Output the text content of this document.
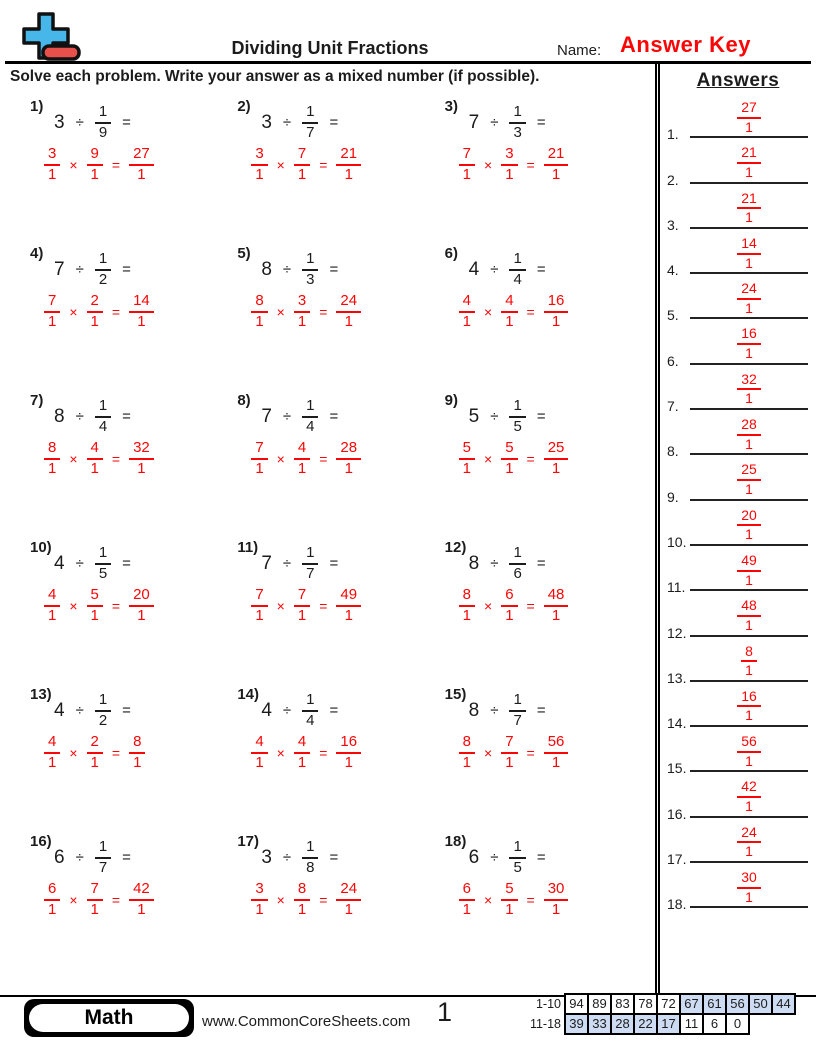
Dividing Unit Fractions	Name: Answer Key
Solve each problem. Write your answer as a mixed number (if possible).
1)
$3 \div \frac{1}{9}$ =
$\frac{3}{1} \times \frac{9}{1} = \frac{27}{1}$
2)
$3 \div \frac{1}{7}$ =
$\frac{3}{1} \times \frac{7}{1} = \frac{21}{1}$
3)
$7 \div \frac{1}{3}$ =
$\frac{7}{1} \times \frac{3}{1} = \frac{21}{1}$
4)
$7 \div \frac{1}{2}$ =
$\frac{7}{1} \times \frac{2}{1} = \frac{14}{1}$
5)
$8 \div \frac{1}{3}$ =
$\frac{8}{1} \times \frac{3}{1} = \frac{24}{1}$
6)
$4 \div \frac{1}{4}$ =
$\frac{4}{1} \times \frac{4}{1} = \frac{16}{1}$
7)
$8 \div \frac{1}{4}$ =
$\frac{8}{1} \times \frac{4}{1} = \frac{32}{1}$
8)
$7 \div \frac{1}{4}$ =
$\frac{7}{1} \times \frac{4}{1} = \frac{28}{1}$
9)
$5 \div \frac{1}{5}$ =
$\frac{5}{1} \times \frac{5}{1} = \frac{25}{1}$
10)
$4 \div \frac{1}{5}$ =
$\frac{4}{1} \times \frac{5}{1} = \frac{20}{1}$
11)
$7 \div \frac{1}{7}$ =
$\frac{7}{1} \times \frac{7}{1} = \frac{49}{1}$
12)
$8 \div \frac{1}{6}$ =
$\frac{8}{1} \times \frac{6}{1} = \frac{48}{1}$
13)
$4 \div \frac{1}{2}$ =
$\frac{4}{1} \times \frac{2}{1} = \frac{8}{1}$
14)
$4 \div \frac{1}{4}$ =
$\frac{4}{1} \times \frac{4}{1} = \frac{16}{1}$
15)
$8 \div \frac{1}{7}$ =
$\frac{8}{1} \times \frac{7}{1} = \frac{56}{1}$
16)
$6 \div \frac{1}{7}$ =
$\frac{6}{1} \times \frac{7}{1} = \frac{42}{1}$
17)
$3 \div \frac{1}{8}$ =
$\frac{3}{1} \times \frac{8}{1} = \frac{24}{1}$
18)
$6 \div \frac{1}{5}$ =
$\frac{6}{1} \times \frac{5}{1} = \frac{30}{1}$
Answers
1.	$\frac{27}{1}$
2.	$\frac{21}{1}$
3.	$\frac{21}{1}$
4.	$\frac{14}{1}$
5.	$\frac{24}{1}$
6.	$\frac{16}{1}$
7.	$\frac{32}{1}$
8.	$\frac{28}{1}$
9.	$\frac{25}{1}$
10.	$\frac{20}{1}$
11.	$\frac{49}{1}$
12.	$\frac{48}{1}$
13.	$\frac{8}{1}$
14.	$\frac{16}{1}$
15.	$\frac{56}{1}$
16.	$\frac{42}{1}$
17.	$\frac{24}{1}$
18.	$\frac{30}{1}$
Math	www.CommonCoreSheets.com 1	1-10 94 89 83 78 72 67 61 56 50 44
11-18 39 33 28 22 17 11 6	0
